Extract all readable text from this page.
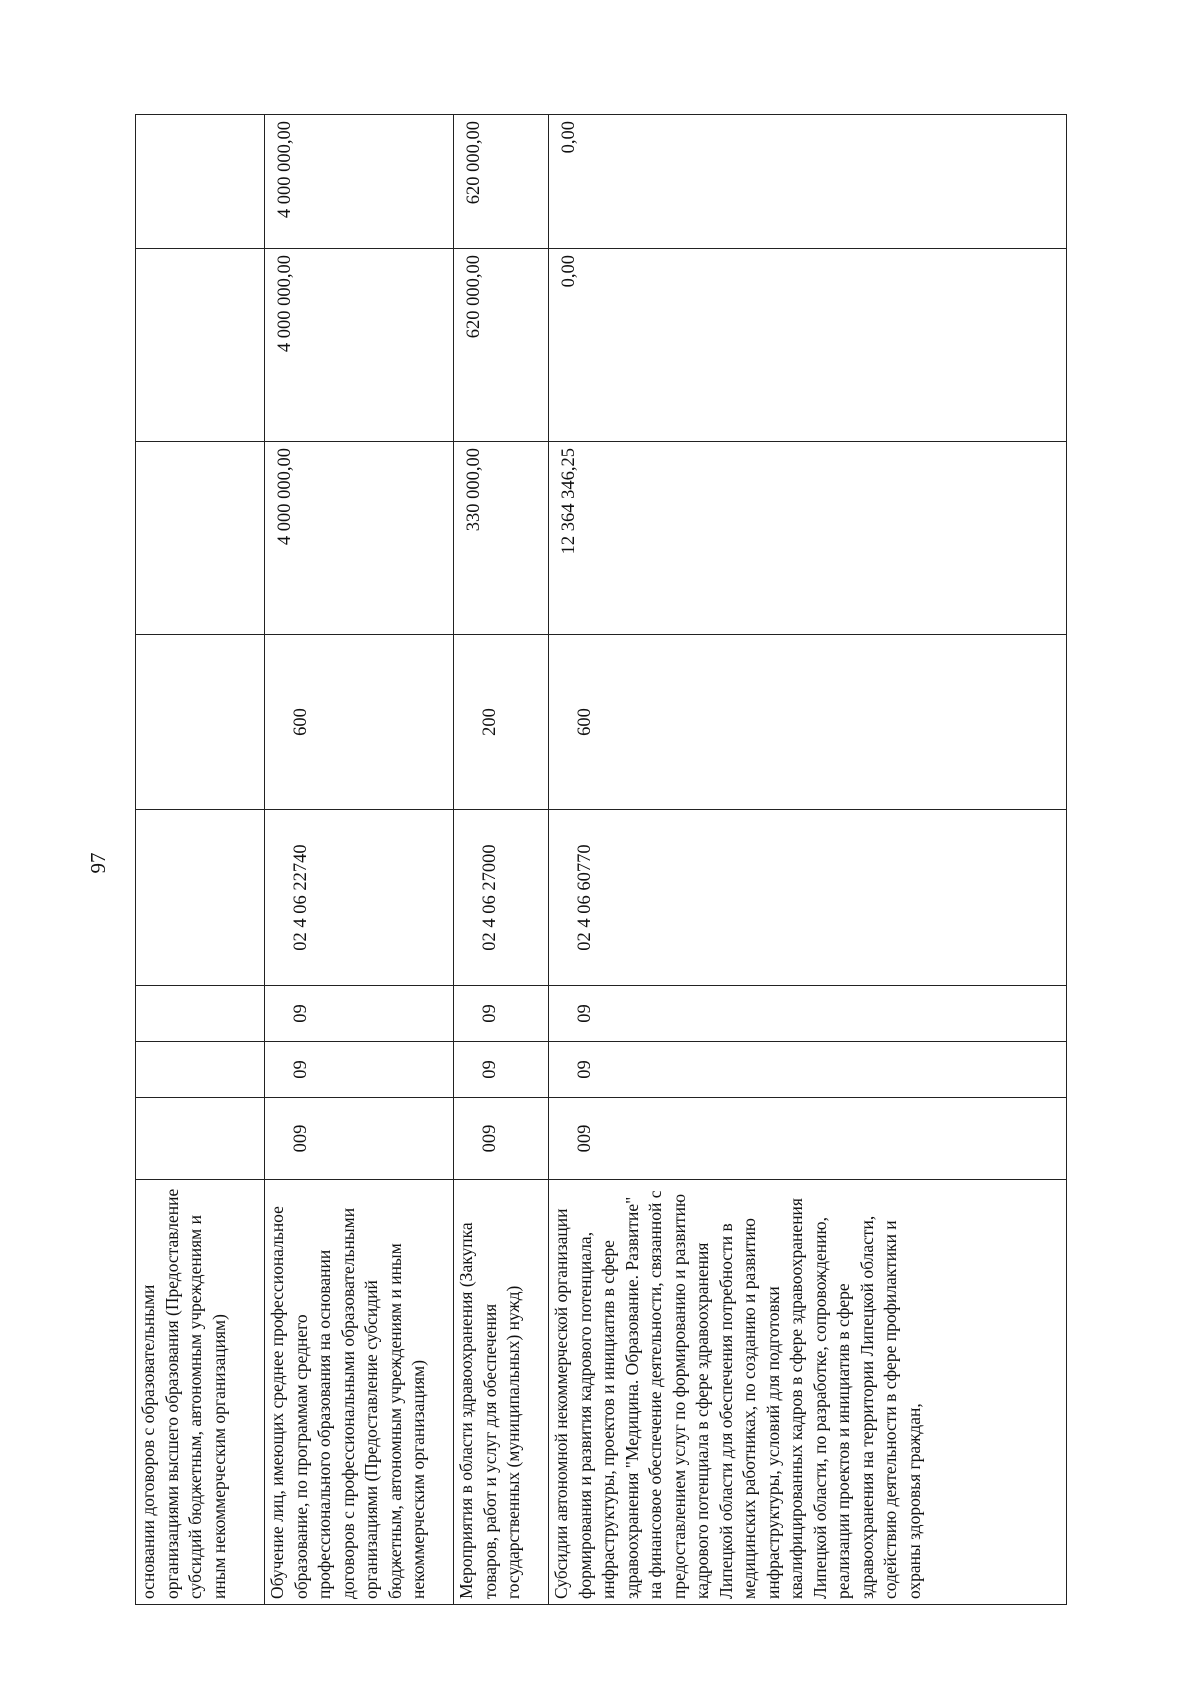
97
основании договоров с образовательными организациями высшего образования (Предоставление субсидий бюджетным, автономным учреждениям и иным некоммерческим организациям)								
Обучение лиц, имеющих среднее профессиональное образование, по программам среднего профессионального образования на основании договоров с профессиональными образовательными организациями (Предоставление субсидий бюджетным, автономным учреждениям и иным некоммерческим организациям)	009	09	09	02 4 06 22740	600	4 000 000,00	4 000 000,00	4 000 000,00
Мероприятия в области здравоохранения (Закупка товаров, работ и услуг для обеспечения государственных (муниципальных) нужд)	009	09	09	02 4 06 27000	200	330 000,00	620 000,00	620 000,00
Субсидии автономной некоммерческой организации формирования и развития кадрового потенциала, инфраструктуры, проектов и инициатив в сфере здравоохранения "Медицина. Образование. Развитие" на финансовое обеспечение деятельности, связанной с предоставлением услуг по формированию и развитию кадрового потенциала в сфере здравоохранения Липецкой области для обеспечения потребности в медицинских работниках, по созданию и развитию инфраструктуры, условий для подготовки квалифицированных кадров в сфере здравоохранения Липецкой области, по разработке, сопровождению, реализации проектов и инициатив в сфере здравоохранения на территории Липецкой области, содействию деятельности в сфере профилактики и охраны здоровья граждан,	009	09	09	02 4 06 60770	600	12 364 346,25	0,00	0,00
